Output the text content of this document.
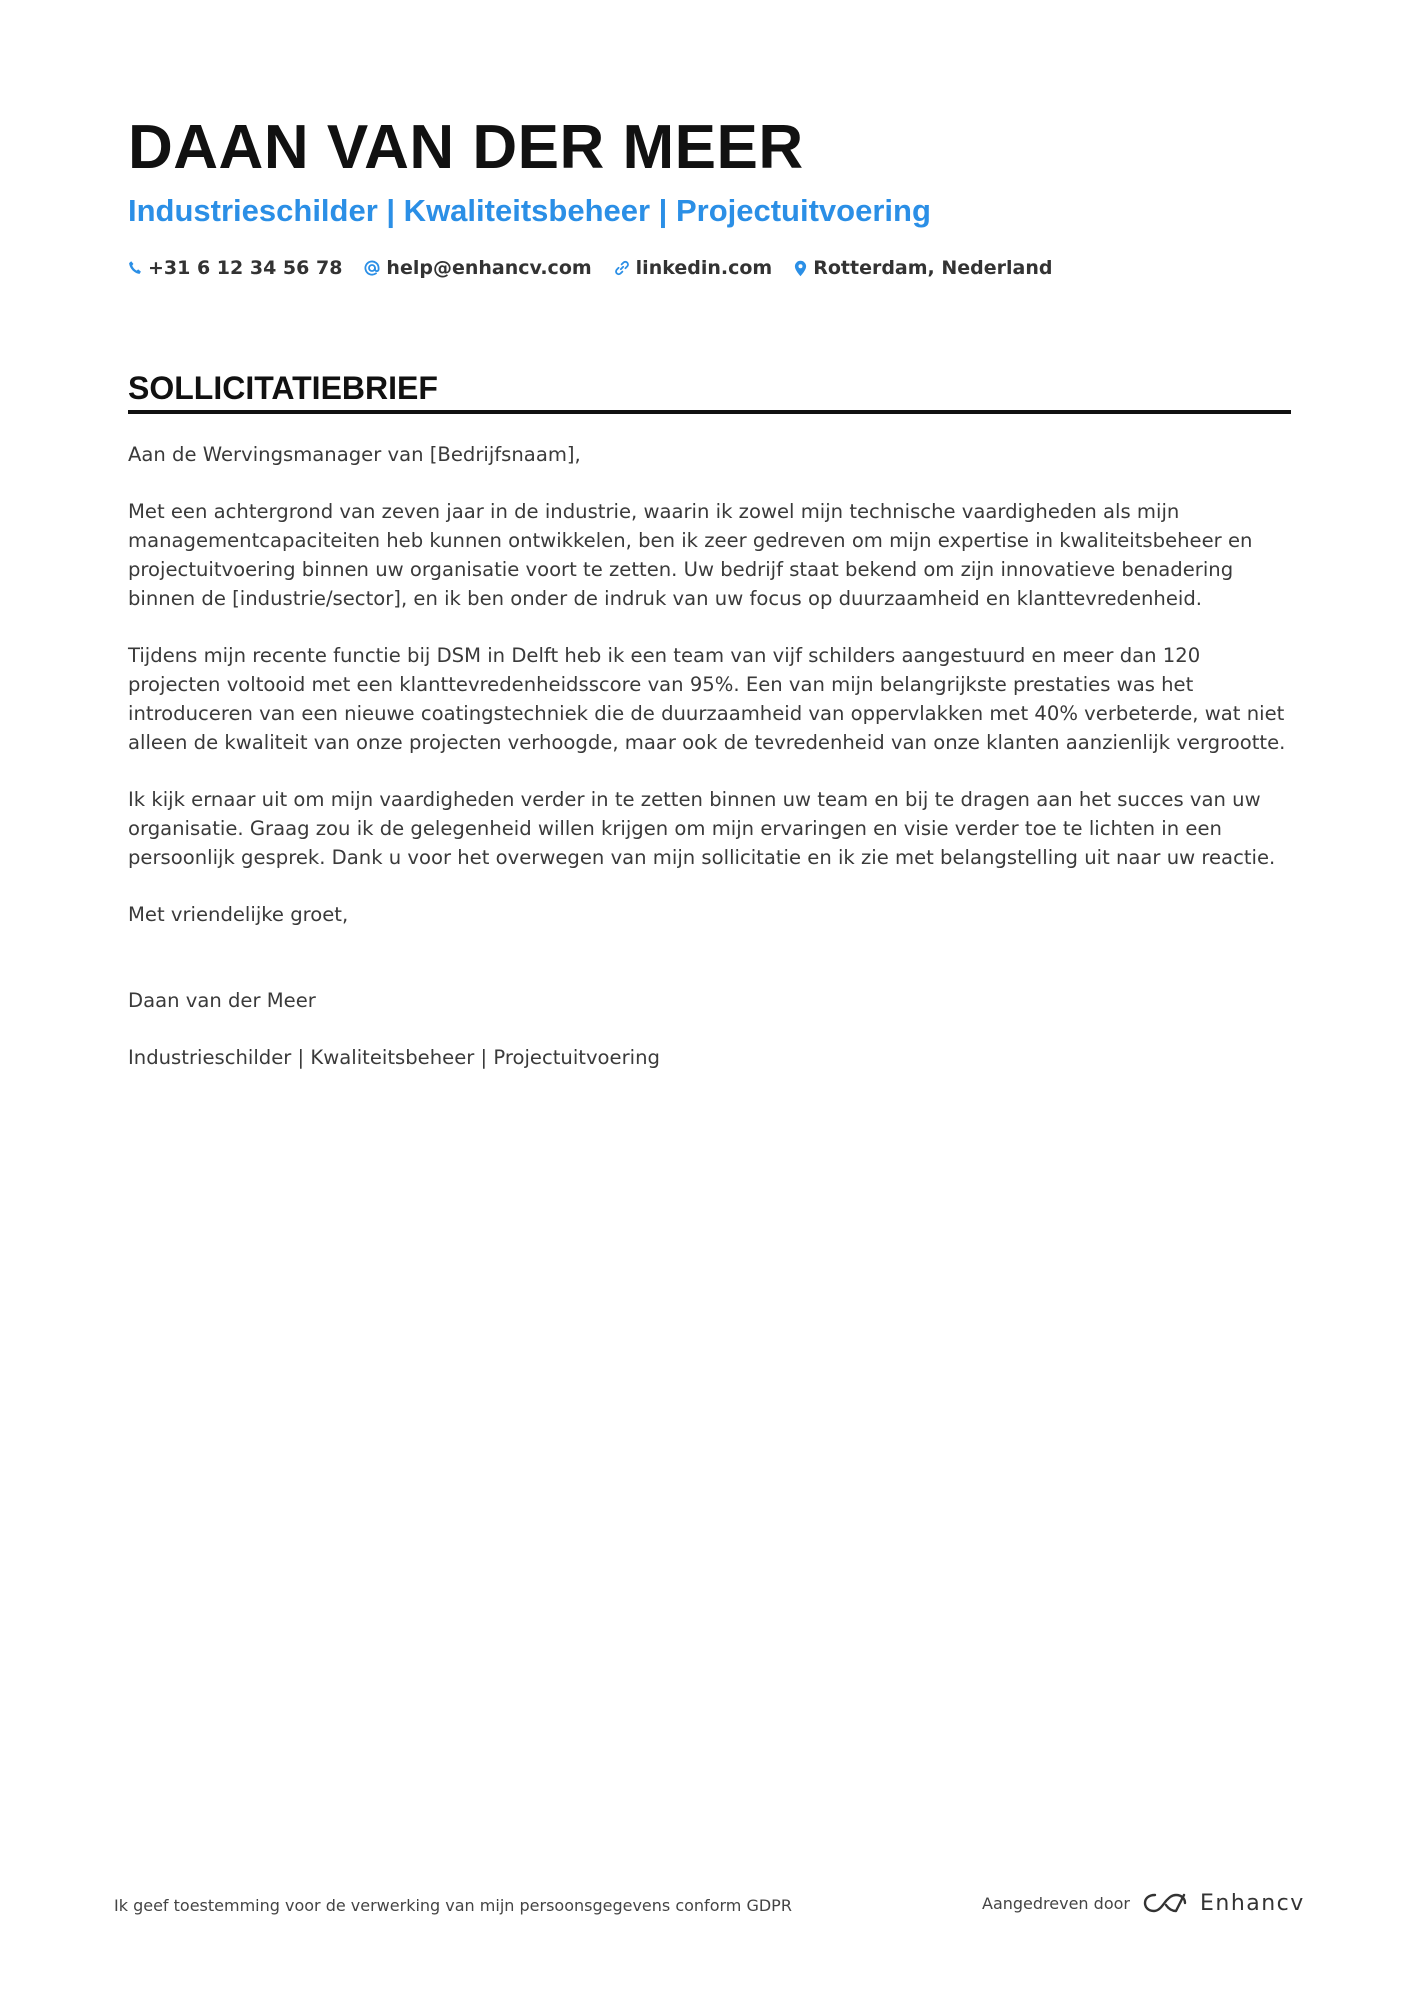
DAAN VAN DER MEER
Industrieschilder | Kwaliteitsbeheer | Projectuitvoering
+31 6 12 34 56 78 help@enhancv.com linkedin.com Rotterdam, Nederland
SOLLICITATIEBRIEF

Aan de Wervingsmanager van [Bedrijfsnaam],

Met een achtergrond van zeven jaar in de industrie, waarin ik zowel mijn technische vaardigheden als mijn managementcapaciteiten heb kunnen ontwikkelen, ben ik zeer gedreven om mijn expertise in kwaliteitsbeheer en projectuitvoering binnen uw organisatie voort te zetten. Uw bedrijf staat bekend om zijn innovatieve benadering binnen de [industrie/sector], en ik ben onder de indruk van uw focus op duurzaamheid en klanttevredenheid.

Tijdens mijn recente functie bij DSM in Delft heb ik een team van vijf schilders aangestuurd en meer dan 120 projecten voltooid met een klanttevredenheidsscore van 95%. Een van mijn belangrijkste prestaties was het introduceren van een nieuwe coatingstechniek die de duurzaamheid van oppervlakken met 40% verbeterde, wat niet alleen de kwaliteit van onze projecten verhoogde, maar ook de tevredenheid van onze klanten aanzienlijk vergrootte.

Ik kijk ernaar uit om mijn vaardigheden verder in te zetten binnen uw team en bij te dragen aan het succes van uw organisatie. Graag zou ik de gelegenheid willen krijgen om mijn ervaringen en visie verder toe te lichten in een persoonlijk gesprek. Dank u voor het overwegen van mijn sollicitatie en ik zie met belangstelling uit naar uw reactie.

Met vriendelijke groet,

Daan van der Meer

Industrieschilder | Kwaliteitsbeheer | Projectuitvoering

Ik geef toestemming voor de verwerking van mijn persoonsgegevens conform GDPR	Aangedreven door	Enhancv
